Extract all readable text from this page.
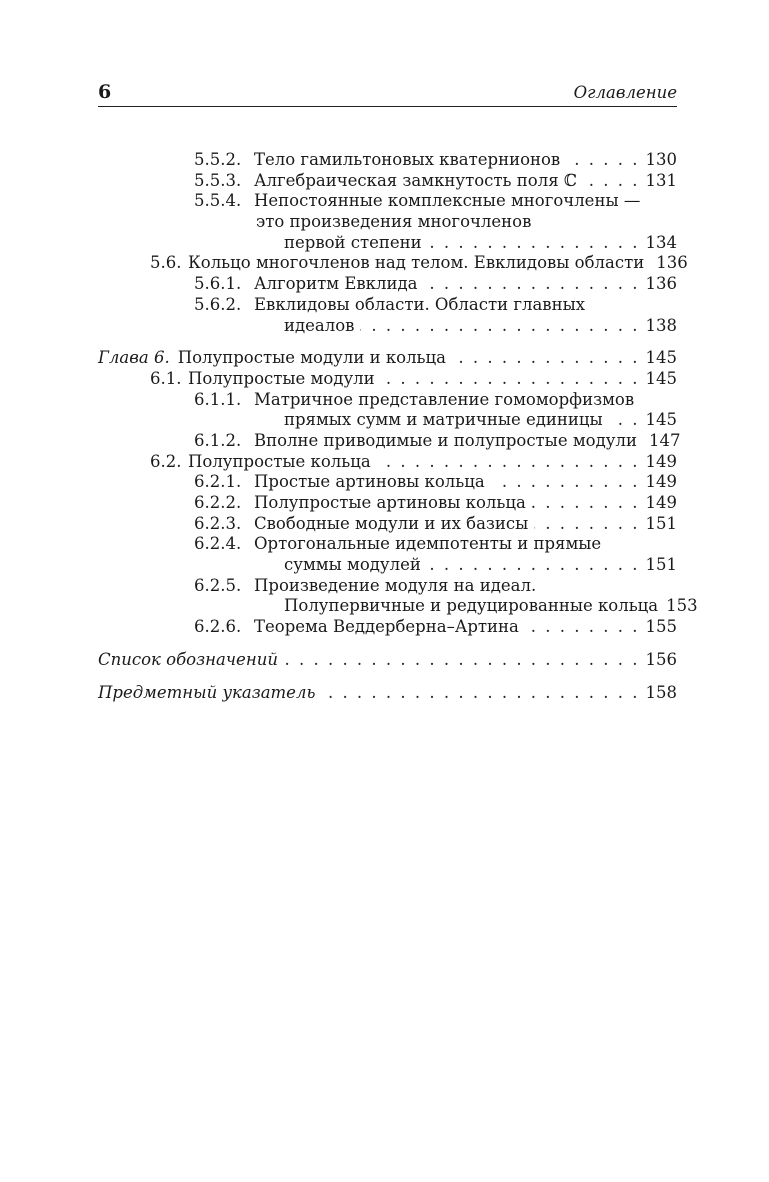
6	Оглавление
5.5.2. Тело гамильтоновых кватернионов . . .	130
5.5.3. Алгебраическая замкнутость поля ℂ . . .	131
5.5.4. Непостоянные комплексные многочлены —
это произведения многочленов
первой степени . . .	134
5.6. Кольцо многочленов над телом. Евклидовы области 136
5.6.1. Алгоритм Евклида . . .	136
5.6.2. Евклидовы области. Области главных
идеалов . . .	138
Глава 6. Полупростые модули и кольца . . .	145
6.1. Полупростые модули . . .	145
6.1.1. Матричное представление гомоморфизмов
прямых сумм и матричные единицы . . .	145
6.1.2. Вполне приводимые и полупростые модули 147
6.2. Полупростые кольца . . .	149
6.2.1. Простые артиновы кольца . . .	149
6.2.2. Полупростые артиновы кольца . . .	149
6.2.3. Свободные модули и их базисы . . .	151
6.2.4. Ортогональные идемпотенты и прямые
суммы модулей . . .	151
6.2.5. Произведение модуля на идеал.
Полупервичные и редуцированные кольца 153
6.2.6. Теорема Веддерберна–Артина . . .	155
Список обозначений . . .	156
Предметный указатель . . .	158
